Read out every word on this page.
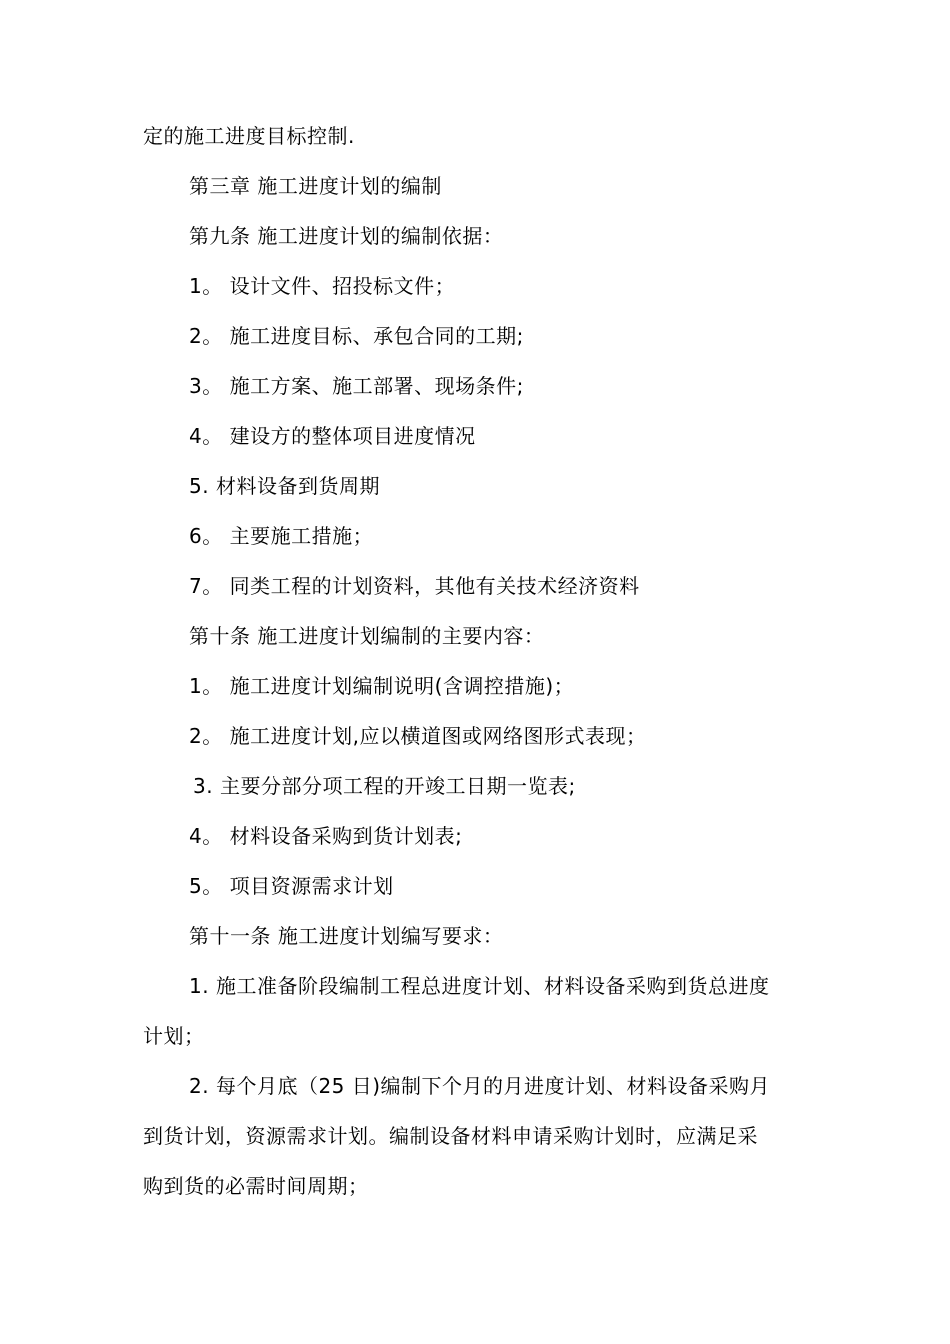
定的施工进度目标控制.
第三章 施工进度计划的编制
第九条 施工进度计划的编制依据：
1。 设计文件、招投标文件；
2。 施工进度目标、承包合同的工期;
3。 施工方案、施工部署、现场条件;
4。 建设方的整体项目进度情况
5. 材料设备到货周期
6。 主要施工措施；
7。 同类工程的计划资料，其他有关技术经济资料
第十条 施工进度计划编制的主要内容：
1。 施工进度计划编制说明(含调控措施)；
2。 施工进度计划,应以横道图或网络图形式表现；
3. 主要分部分项工程的开竣工日期一览表;
4。 材料设备采购到货计划表;
5。 项目资源需求计划
第十一条 施工进度计划编写要求：
1. 施工准备阶段编制工程总进度计划、材料设备采购到货总进度
计划；
2. 每个月底（25 日)编制下个月的月进度计划、材料设备采购月
到货计划，资源需求计划。编制设备材料申请采购计划时，应满足采
购到货的必需时间周期；
